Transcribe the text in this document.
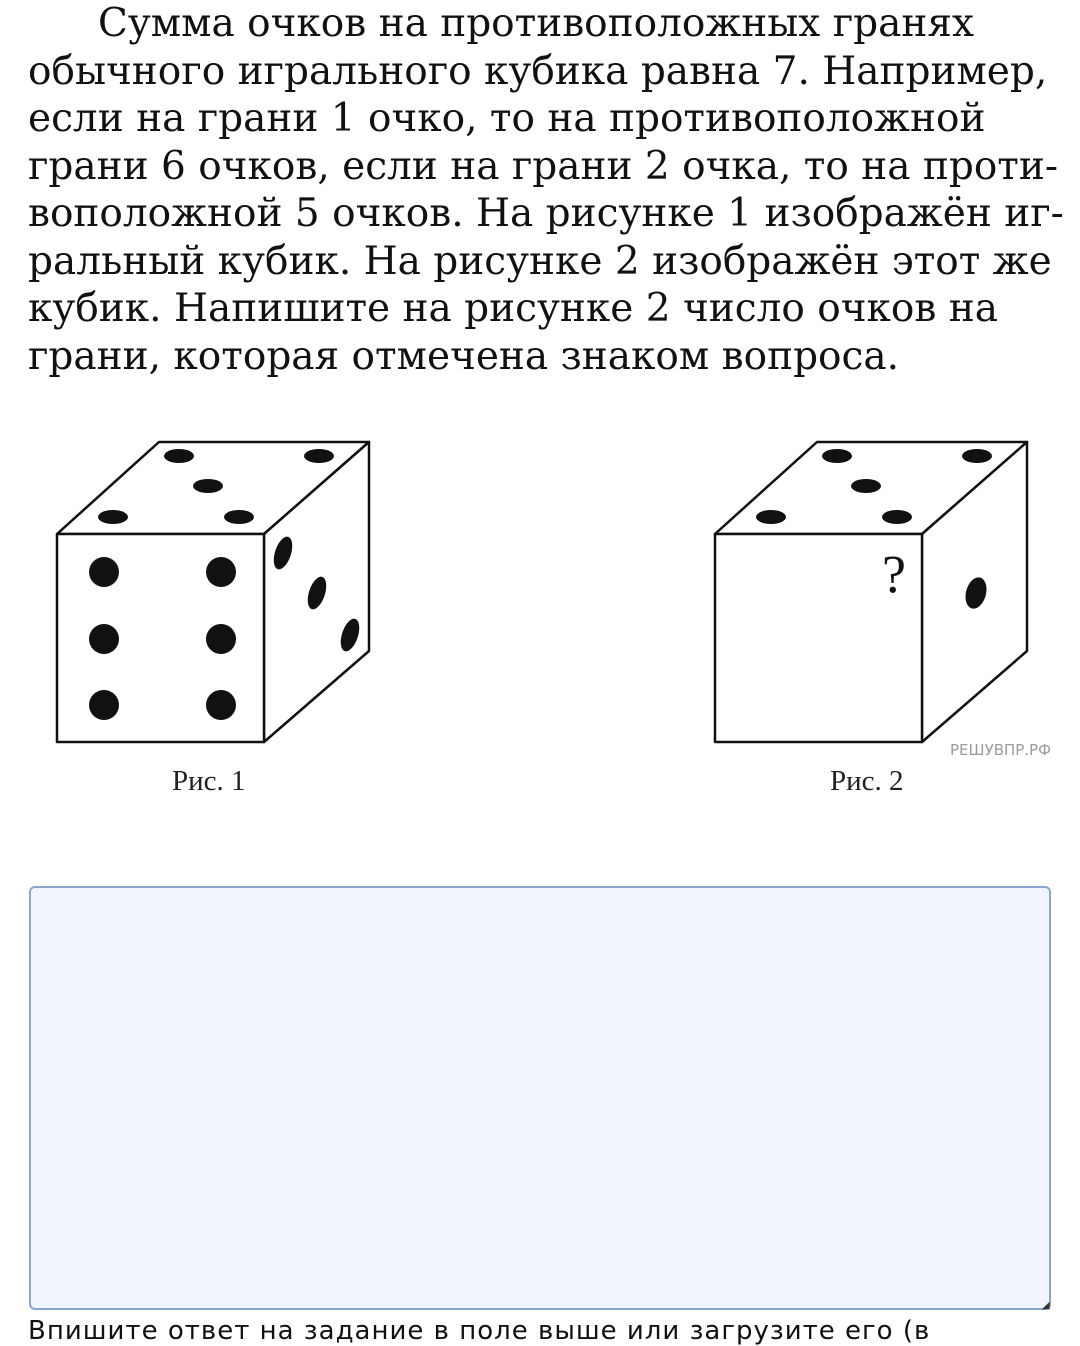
Сумма очков на противоположных гранях
обычного игрального кубика равна 7. Например,
если на грани 1 очко, то на противоположной
грани 6 очков, если на грани 2 очка, то на проти-
воположной 5 очков. На рисунке 1 изображён иг-
ральный кубик. На рисунке 2 изображён этот же
кубик. Напишите на рисунке 2 число очков на
грани, которая отмечена знаком вопроса.

?
Рис. 1	Рис. 2
РЕШУВПР.РФ
◢
Впишите ответ на задание в поле выше или загрузите его (в
